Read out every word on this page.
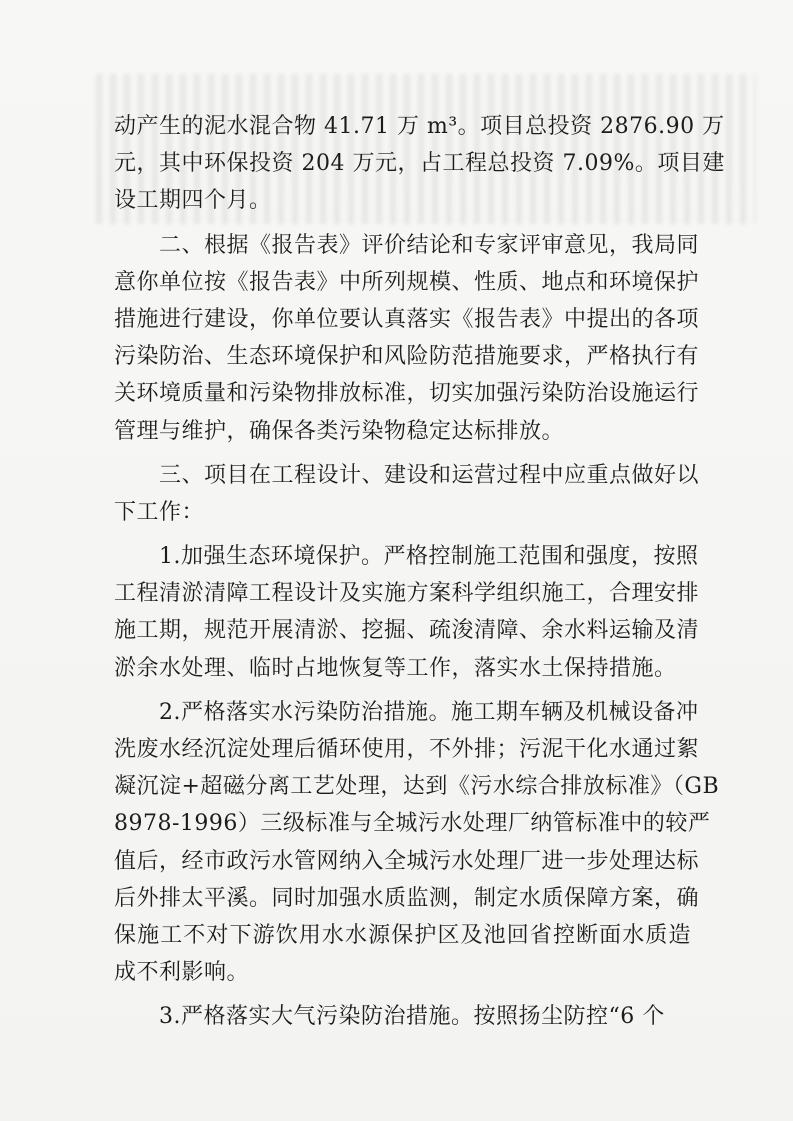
动产生的泥水混合物 41.71 万 m³。项目总投资 2876.90 万
元，其中环保投资 204 万元，占工程总投资 7.09%。项目建
设工期四个月。
　　二、根据《报告表》评价结论和专家评审意见，我局同
意你单位按《报告表》中所列规模、性质、地点和环境保护
措施进行建设，你单位要认真落实《报告表》中提出的各项
污染防治、生态环境保护和风险防范措施要求，严格执行有
关环境质量和污染物排放标准，切实加强污染防治设施运行
管理与维护，确保各类污染物稳定达标排放。
　　三、项目在工程设计、建设和运营过程中应重点做好以
下工作：
　　1.加强生态环境保护。严格控制施工范围和强度，按照
工程清淤清障工程设计及实施方案科学组织施工，合理安排
施工期，规范开展清淤、挖掘、疏浚清障、余水料运输及清
淤余水处理、临时占地恢复等工作，落实水土保持措施。
　　2.严格落实水污染防治措施。施工期车辆及机械设备冲
洗废水经沉淀处理后循环使用，不外排；污泥干化水通过絮
凝沉淀+超磁分离工艺处理，达到《污水综合排放标准》（GB
8978-1996）三级标准与全城污水处理厂纳管标准中的较严
值后，经市政污水管网纳入全城污水处理厂进一步处理达标
后外排太平溪。同时加强水质监测，制定水质保障方案，确
保施工不对下游饮用水水源保护区及池回省控断面水质造
成不利影响。
　　3.严格落实大气污染防治措施。按照扬尘防控“6 个
